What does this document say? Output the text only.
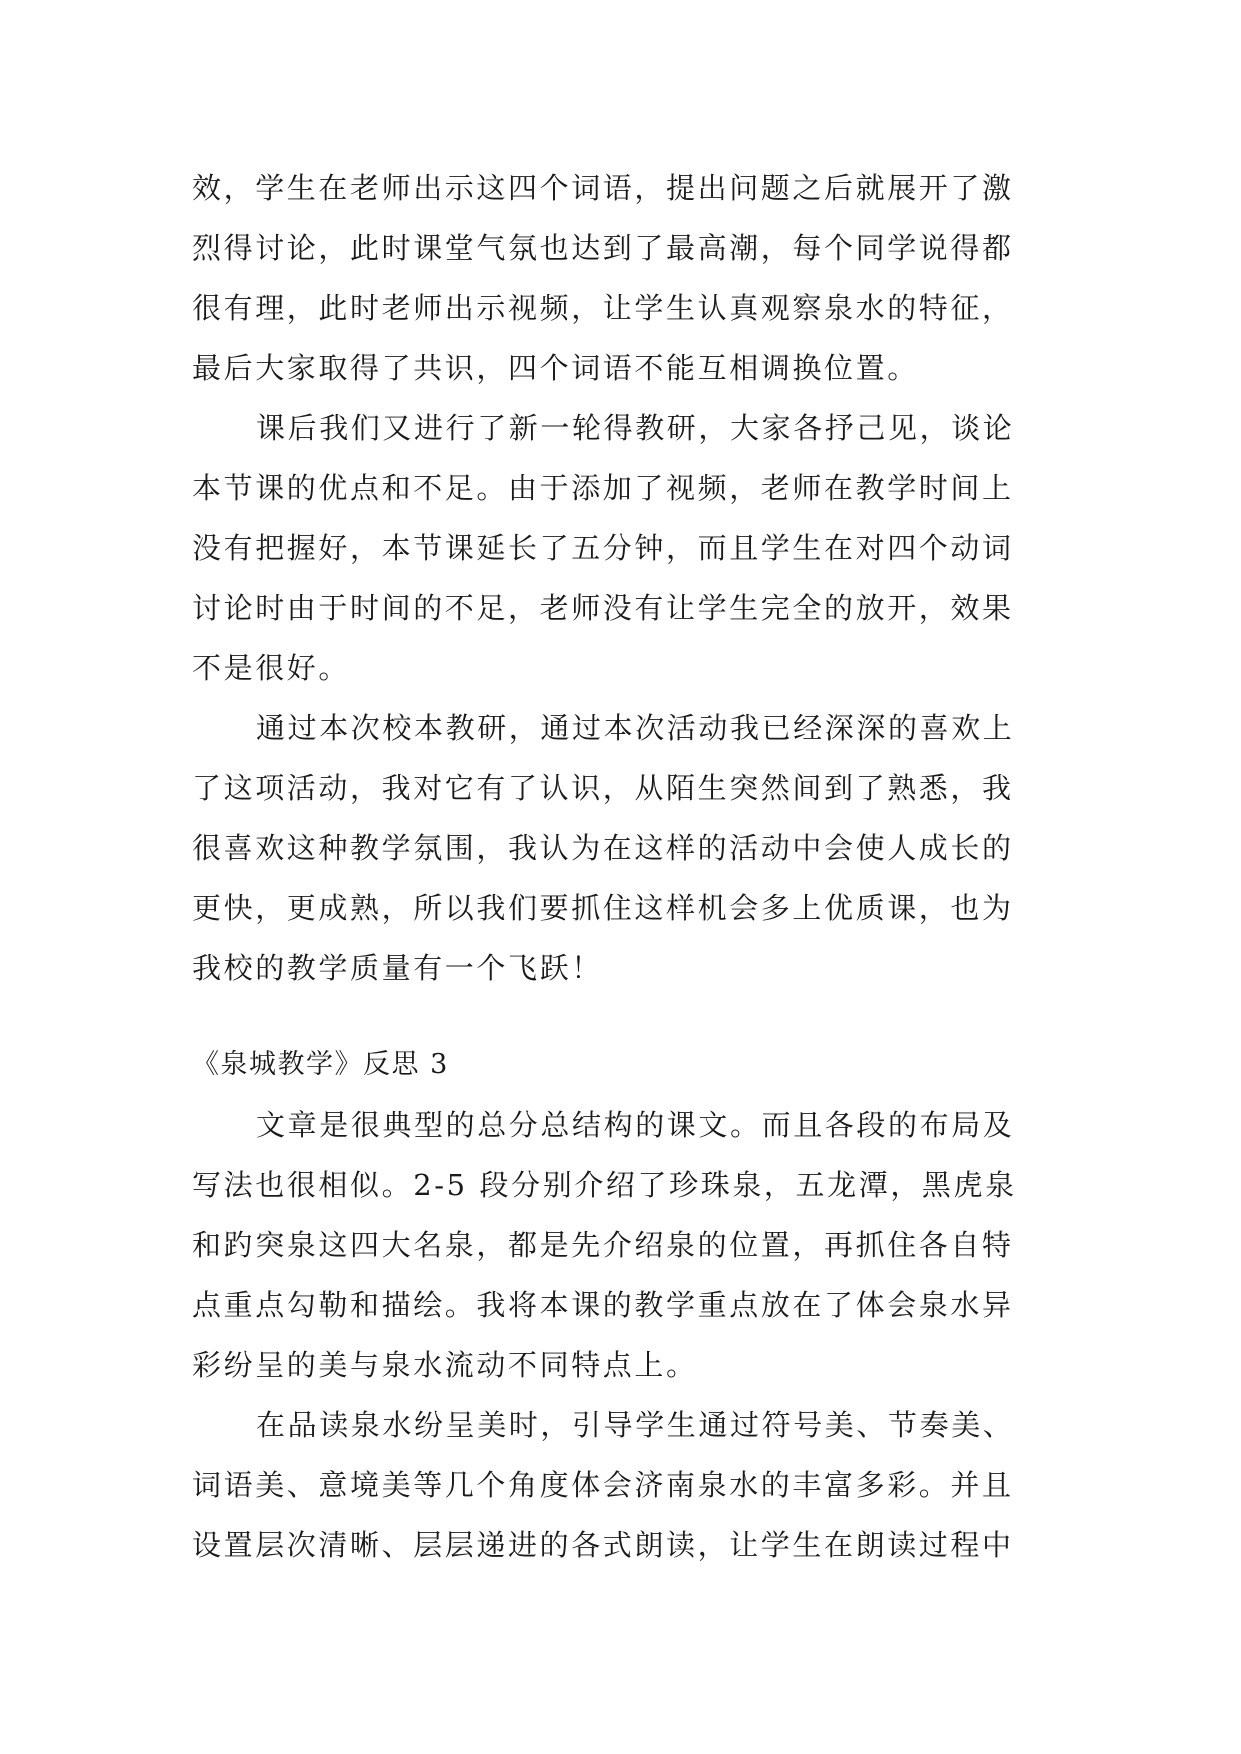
效，学生在老师出示这四个词语，提出问题之后就展开了激
烈得讨论，此时课堂气氛也达到了最高潮，每个同学说得都
很有理，此时老师出示视频，让学生认真观察泉水的特征，
最后大家取得了共识，四个词语不能互相调换位置。
课后我们又进行了新一轮得教研，大家各抒己见，谈论
本节课的优点和不足。由于添加了视频，老师在教学时间上
没有把握好，本节课延长了五分钟，而且学生在对四个动词
讨论时由于时间的不足，老师没有让学生完全的放开，效果
不是很好。
通过本次校本教研，通过本次活动我已经深深的喜欢上
了这项活动，我对它有了认识，从陌生突然间到了熟悉，我
很喜欢这种教学氛围，我认为在这样的活动中会使人成长的
更快，更成熟，所以我们要抓住这样机会多上优质课，也为
我校的教学质量有一个飞跃！
《泉城教学》反思 3
文章是很典型的总分总结构的课文。而且各段的布局及
写法也很相似。2-5 段分别介绍了珍珠泉，五龙潭，黑虎泉
和趵突泉这四大名泉，都是先介绍泉的位置，再抓住各自特
点重点勾勒和描绘。我将本课的教学重点放在了体会泉水异
彩纷呈的美与泉水流动不同特点上。
在品读泉水纷呈美时，引导学生通过符号美、节奏美、
词语美、意境美等几个角度体会济南泉水的丰富多彩。并且
设置层次清晰、层层递进的各式朗读，让学生在朗读过程中
